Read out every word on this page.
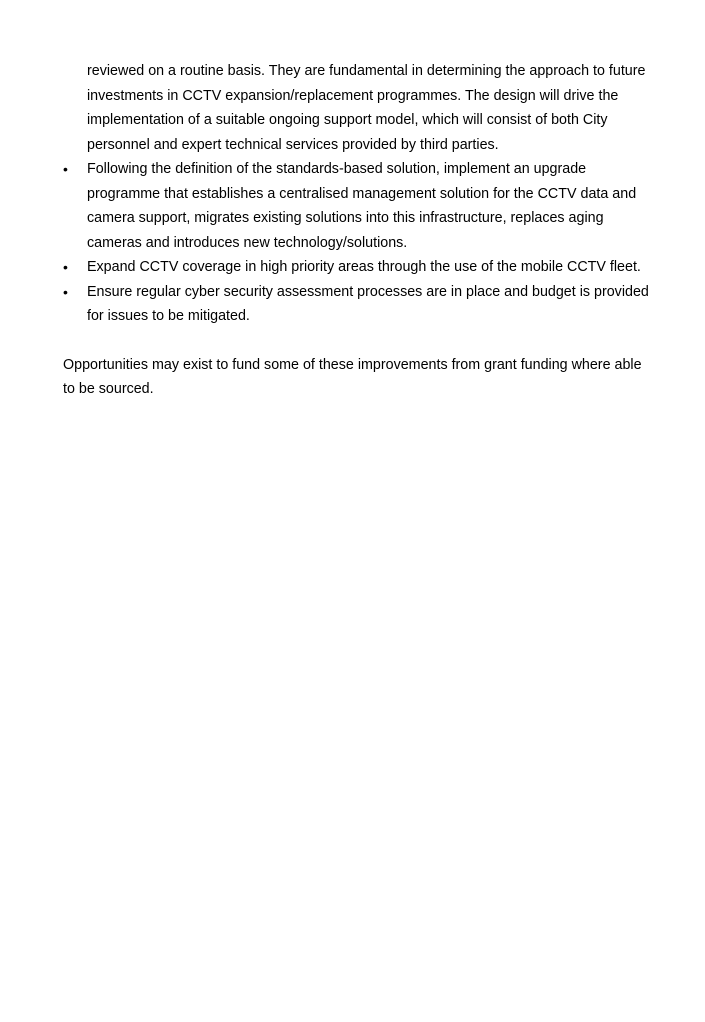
reviewed on a routine basis. They are fundamental in determining the approach to future investments in CCTV expansion/replacement programmes. The design will drive the implementation of a suitable ongoing support model, which will consist of both City personnel and expert technical services provided by third parties.

•	Following the definition of the standards-based solution, implement an upgrade programme that establishes a centralised management solution for the CCTV data and camera support, migrates existing solutions into this infrastructure, replaces aging cameras and introduces new technology/solutions.
•	Expand CCTV coverage in high priority areas through the use of the mobile CCTV fleet.
•	Ensure regular cyber security assessment processes are in place and budget is provided for issues to be mitigated.

Opportunities may exist to fund some of these improvements from grant funding where able to be sourced.
